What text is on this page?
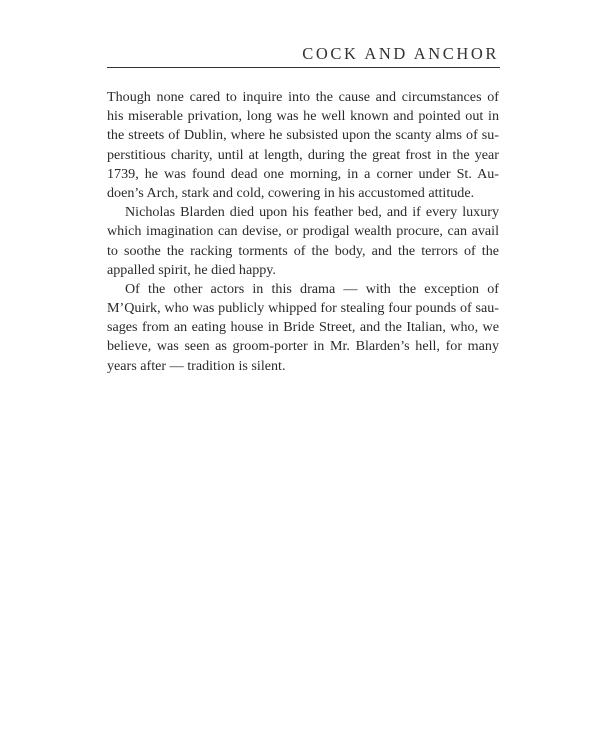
COCK AND ANCHOR
Though none cared to inquire into the cause and circumstances of
his miserable privation, long was he well known and pointed out in
the streets of Dublin, where he subsisted upon the scanty alms of su-
perstitious charity, until at length, during the great frost in the year
1739, he was found dead one morning, in a corner under St. Au-
doen’s Arch, stark and cold, cowering in his accustomed attitude.
Nicholas Blarden died upon his feather bed, and if every luxury
which imagination can devise, or prodigal wealth procure, can avail
to soothe the racking torments of the body, and the terrors of the
appalled spirit, he died happy.
Of the other actors in this drama — with the exception of
M’Quirk, who was publicly whipped for stealing four pounds of sau-
sages from an eating house in Bride Street, and the Italian, who, we
believe, was seen as groom-porter in Mr. Blarden’s hell, for many
years after — tradition is silent.
